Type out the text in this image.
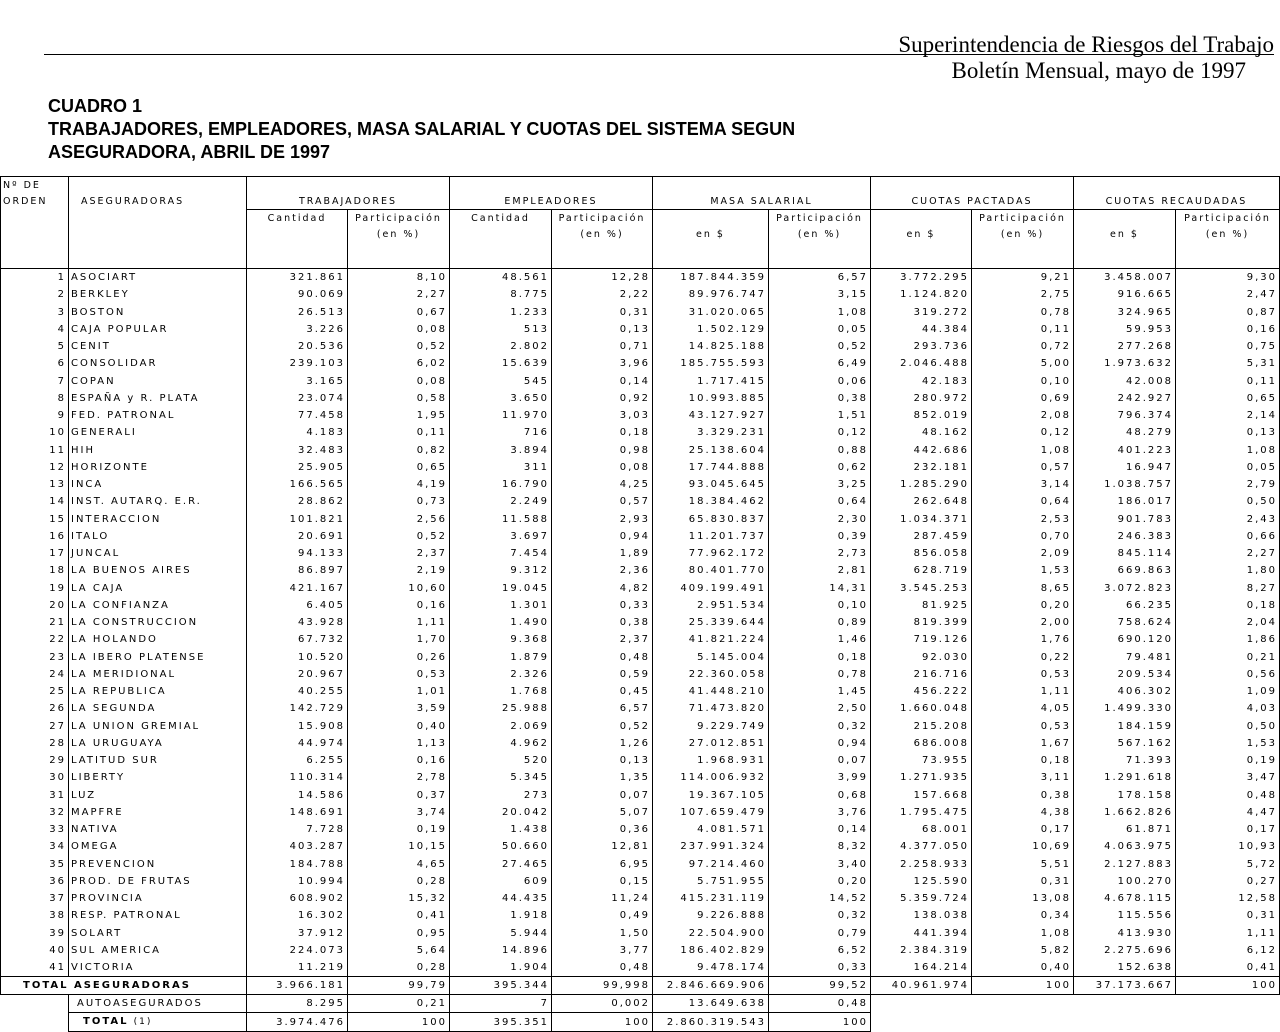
Superintendencia de Riesgos del Trabajo
Boletín Mensual, mayo de 1997
CUADRO 1
TRABAJADORES, EMPLEADORES, MASA SALARIAL Y CUOTAS DEL SISTEMA SEGUN
ASEGURADORA, ABRIL DE 1997
Nº DE											
ORDEN	ASEGURADORAS	TRABAJADORES		EMPLEADORES		MASA SALARIAL		CUOTAS PACTADAS		CUOTAS RECAUDADAS	
		Cantidad	Participación	Cantidad	Participación		Participación		Participación		Participación
			(en %)		(en %)	en $	(en %)	en $	(en %)	en $	(en %)

1	ASOCIART	321.861	8,10	48.561	12,28	187.844.359	6,57	3.772.295	9,21	3.458.007	9,30
2	BERKLEY	90.069	2,27	8.775	2,22	89.976.747	3,15	1.124.820	2,75	916.665	2,47
3	BOSTON	26.513	0,67	1.233	0,31	31.020.065	1,08	319.272	0,78	324.965	0,87
4	CAJA POPULAR	3.226	0,08	513	0,13	1.502.129	0,05	44.384	0,11	59.953	0,16
5	CENIT	20.536	0,52	2.802	0,71	14.825.188	0,52	293.736	0,72	277.268	0,75
6	CONSOLIDAR	239.103	6,02	15.639	3,96	185.755.593	6,49	2.046.488	5,00	1.973.632	5,31
7	COPAN	3.165	0,08	545	0,14	1.717.415	0,06	42.183	0,10	42.008	0,11
8	ESPAÑA y R. PLATA	23.074	0,58	3.650	0,92	10.993.885	0,38	280.972	0,69	242.927	0,65
9	FED. PATRONAL	77.458	1,95	11.970	3,03	43.127.927	1,51	852.019	2,08	796.374	2,14
10	GENERALI	4.183	0,11	716	0,18	3.329.231	0,12	48.162	0,12	48.279	0,13
11	HIH	32.483	0,82	3.894	0,98	25.138.604	0,88	442.686	1,08	401.223	1,08
12	HORIZONTE	25.905	0,65	311	0,08	17.744.888	0,62	232.181	0,57	16.947	0,05
13	INCA	166.565	4,19	16.790	4,25	93.045.645	3,25	1.285.290	3,14	1.038.757	2,79
14	INST. AUTARQ. E.R.	28.862	0,73	2.249	0,57	18.384.462	0,64	262.648	0,64	186.017	0,50
15	INTERACCION	101.821	2,56	11.588	2,93	65.830.837	2,30	1.034.371	2,53	901.783	2,43
16	ITALO	20.691	0,52	3.697	0,94	11.201.737	0,39	287.459	0,70	246.383	0,66
17	JUNCAL	94.133	2,37	7.454	1,89	77.962.172	2,73	856.058	2,09	845.114	2,27
18	LA BUENOS AIRES	86.897	2,19	9.312	2,36	80.401.770	2,81	628.719	1,53	669.863	1,80
19	LA CAJA	421.167	10,60	19.045	4,82	409.199.491	14,31	3.545.253	8,65	3.072.823	8,27
20	LA CONFIANZA	6.405	0,16	1.301	0,33	2.951.534	0,10	81.925	0,20	66.235	0,18
21	LA CONSTRUCCION	43.928	1,11	1.490	0,38	25.339.644	0,89	819.399	2,00	758.624	2,04
22	LA HOLANDO	67.732	1,70	9.368	2,37	41.821.224	1,46	719.126	1,76	690.120	1,86
23	LA IBERO PLATENSE	10.520	0,26	1.879	0,48	5.145.004	0,18	92.030	0,22	79.481	0,21
24	LA MERIDIONAL	20.967	0,53	2.326	0,59	22.360.058	0,78	216.716	0,53	209.534	0,56
25	LA REPUBLICA	40.255	1,01	1.768	0,45	41.448.210	1,45	456.222	1,11	406.302	1,09
26	LA SEGUNDA	142.729	3,59	25.988	6,57	71.473.820	2,50	1.660.048	4,05	1.499.330	4,03
27	LA UNION GREMIAL	15.908	0,40	2.069	0,52	9.229.749	0,32	215.208	0,53	184.159	0,50
28	LA URUGUAYA	44.974	1,13	4.962	1,26	27.012.851	0,94	686.008	1,67	567.162	1,53
29	LATITUD SUR	6.255	0,16	520	0,13	1.968.931	0,07	73.955	0,18	71.393	0,19
30	LIBERTY	110.314	2,78	5.345	1,35	114.006.932	3,99	1.271.935	3,11	1.291.618	3,47
31	LUZ	14.586	0,37	273	0,07	19.367.105	0,68	157.668	0,38	178.158	0,48
32	MAPFRE	148.691	3,74	20.042	5,07	107.659.479	3,76	1.795.475	4,38	1.662.826	4,47
33	NATIVA	7.728	0,19	1.438	0,36	4.081.571	0,14	68.001	0,17	61.871	0,17
34	OMEGA	403.287	10,15	50.660	12,81	237.991.324	8,32	4.377.050	10,69	4.063.975	10,93
35	PREVENCION	184.788	4,65	27.465	6,95	97.214.460	3,40	2.258.933	5,51	2.127.883	5,72
36	PROD. DE FRUTAS	10.994	0,28	609	0,15	5.751.955	0,20	125.590	0,31	100.270	0,27
37	PROVINCIA	608.902	15,32	44.435	11,24	415.231.119	14,52	5.359.724	13,08	4.678.115	12,58
38	RESP. PATRONAL	16.302	0,41	1.918	0,49	9.226.888	0,32	138.038	0,34	115.556	0,31
39	SOLART	37.912	0,95	5.944	1,50	22.504.900	0,79	441.394	1,08	413.930	1,11
40	SUL AMERICA	224.073	5,64	14.896	3,77	186.402.829	6,52	2.384.319	5,82	2.275.696	6,12
41	VICTORIA	11.219	0,28	1.904	0,48	9.478.174	0,33	164.214	0,40	152.638	0,41
TOTAL ASEGURADORAS		3.966.181	99,79	395.344	99,998	2.846.669.906	99,52	40.961.974	100	37.173.667	100
	AUTOASEGURADOS	8.295	0,21	7	0,002	13.649.638	0,48				
	TOTAL (1)	3.974.476	100	395.351	100	2.860.319.543	100				
